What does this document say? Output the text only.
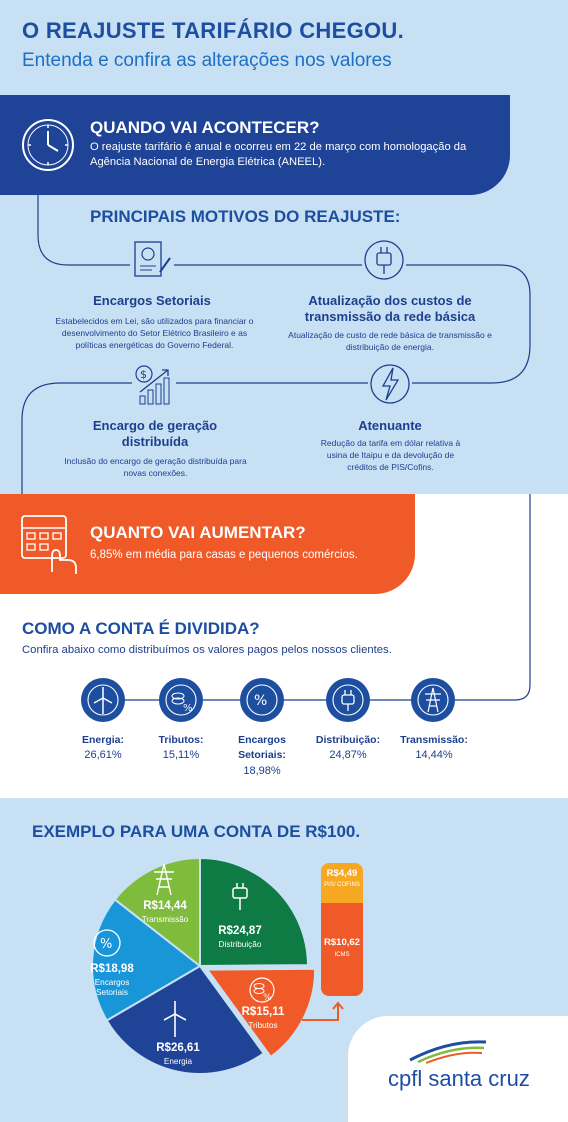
O REAJUSTE TARIFÁRIO CHEGOU.
Entenda e confira as alterações nos valores
QUANDO VAI ACONTECER?
O reajuste tarifário é anual e ocorreu em 22 de março com homologação da Agência Nacional de Energia Elétrica (ANEEL).
PRINCIPAIS MOTIVOS DO REAJUSTE:
$
Encargos Setoriais
Estabelecidos em Lei, são utilizados para financiar o desenvolvimento do Setor Elétrico Brasileiro e as políticas energéticas do Governo Federal.
Atualização dos custos de transmissão da rede básica
Atualização de custo de rede básica de transmissão e distribuição de energia.
Encargo de geração distribuída
Inclusão do encargo de geração distribuída para novas conexões.
Atenuante
Redução da tarifa em dólar relativa à usina de Itaipu e da devolução de créditos de PIS/Cofins.
QUANTO VAI AUMENTAR?
6,85% em média para casas e pequenos comércios.
COMO A CONTA É DIVIDIDA?
Confira abaixo como distribuímos os valores pagos pelos nossos clientes.
%	%
Energia:
26,61%
Tributos:
15,11%
Encargos Setoriais:
18,98%
Distribuição:
24,87%
Transmissão:
14,44%
EXEMPLO PARA UMA CONTA DE R$100.
R$24,87
Distribuição
R$15,11
Tributos
R$26,61
Energia
R$18,98
Encargos Setoriais
R$14,44
Transmissão
%
%
R$4,49
PIS/ COFINS
R$10,62
ICMS
cpfl santa cruz
